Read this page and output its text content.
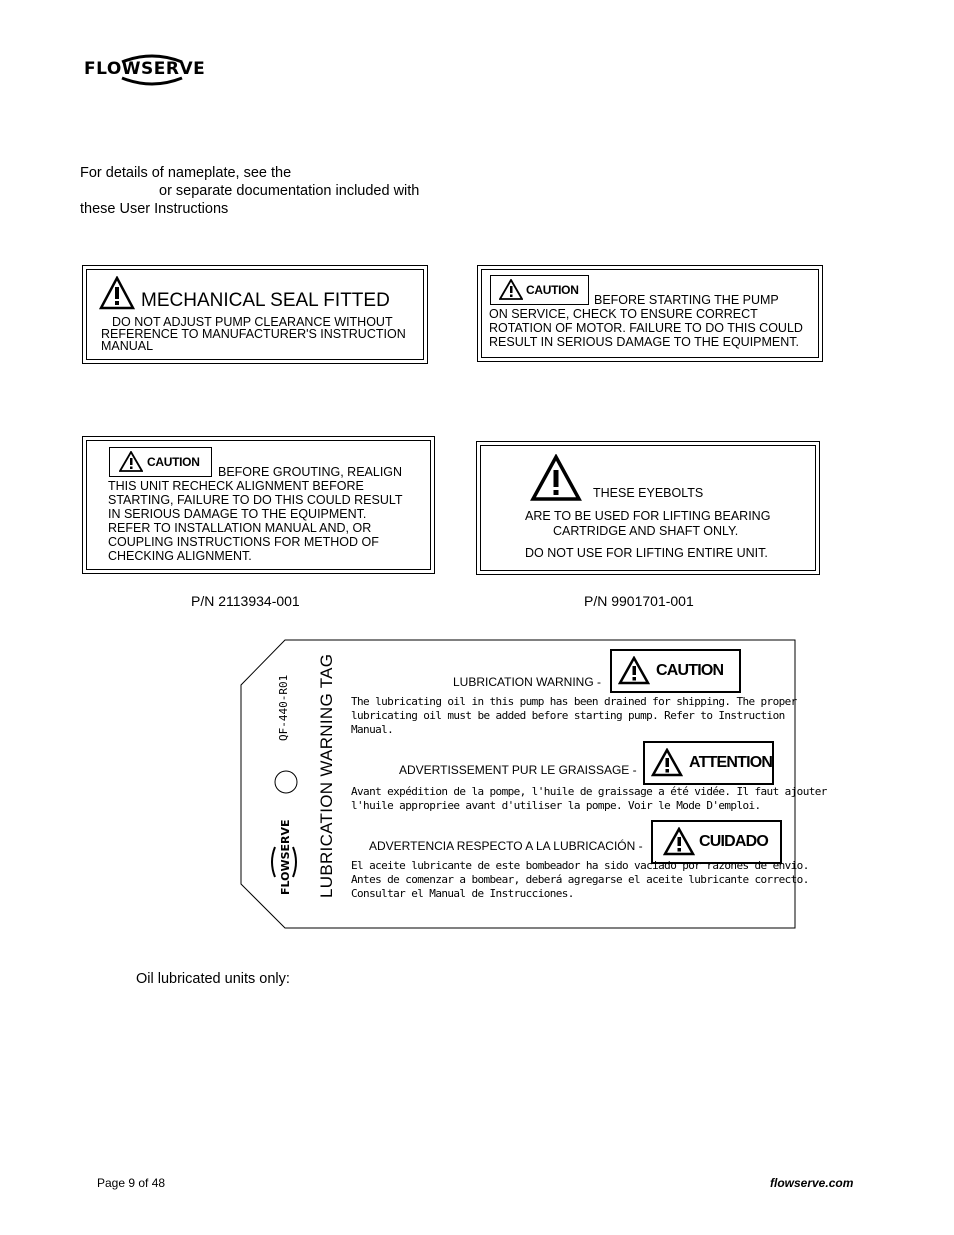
FLOWSERVE
For details of nameplate, see the
or separate documentation included with
these User Instructions
MECHANICAL SEAL FITTED
DO NOT ADJUST PUMP CLEARANCE WITHOUT
REFERENCE TO MANUFACTURER'S INSTRUCTION
MANUAL
CAUTION
BEFORE STARTING THE PUMP
ON SERVICE, CHECK TO ENSURE CORRECT
ROTATION OF MOTOR. FAILURE TO DO THIS COULD
RESULT IN SERIOUS DAMAGE TO THE EQUIPMENT.
CAUTION
BEFORE GROUTING, REALIGN
THIS UNIT RECHECK ALIGNMENT BEFORE
STARTING, FAILURE TO DO THIS COULD RESULT
IN SERIOUS DAMAGE TO THE EQUIPMENT.
REFER TO INSTALLATION MANUAL AND, OR
COUPLING INSTRUCTIONS FOR METHOD OF
CHECKING ALIGNMENT.
THESE EYEBOLTS
ARE TO BE USED FOR LIFTING BEARING
CARTRIDGE AND SHAFT ONLY.
DO NOT USE FOR LIFTING ENTIRE UNIT.
P/N 2113934-001	P/N 9901701-001
QF-440-R01 LUBRICATION WARNING TAG
FLOWSERVE
LUBRICATION WARNING -
CAUTION
The lubricating oil in this pump has been drained for shipping. The proper
lubricating oil must be added before starting pump. Refer to Instruction
Manual.
ADVERTISSEMENT PUR LE GRAISSAGE -	ATTENTION
Avant expédition de la pompe, l'huile de graissage a été vidée. Il faut ajouter
l'huile appropriee avant d'utiliser la pompe. Voir le Mode D'emploi.
ADVERTENCIA RESPECTO A LA LUBRICACIÓN -	CUIDADO
El aceite lubricante de este bombeador ha sido vaciado por razones de envio.
Antes de comenzar a bombear, deberá agregarse el aceite lubricante correcto.
Consultar el Manual de Instrucciones.
Oil lubricated units only:
Page 9 of 48	flowserve.com
